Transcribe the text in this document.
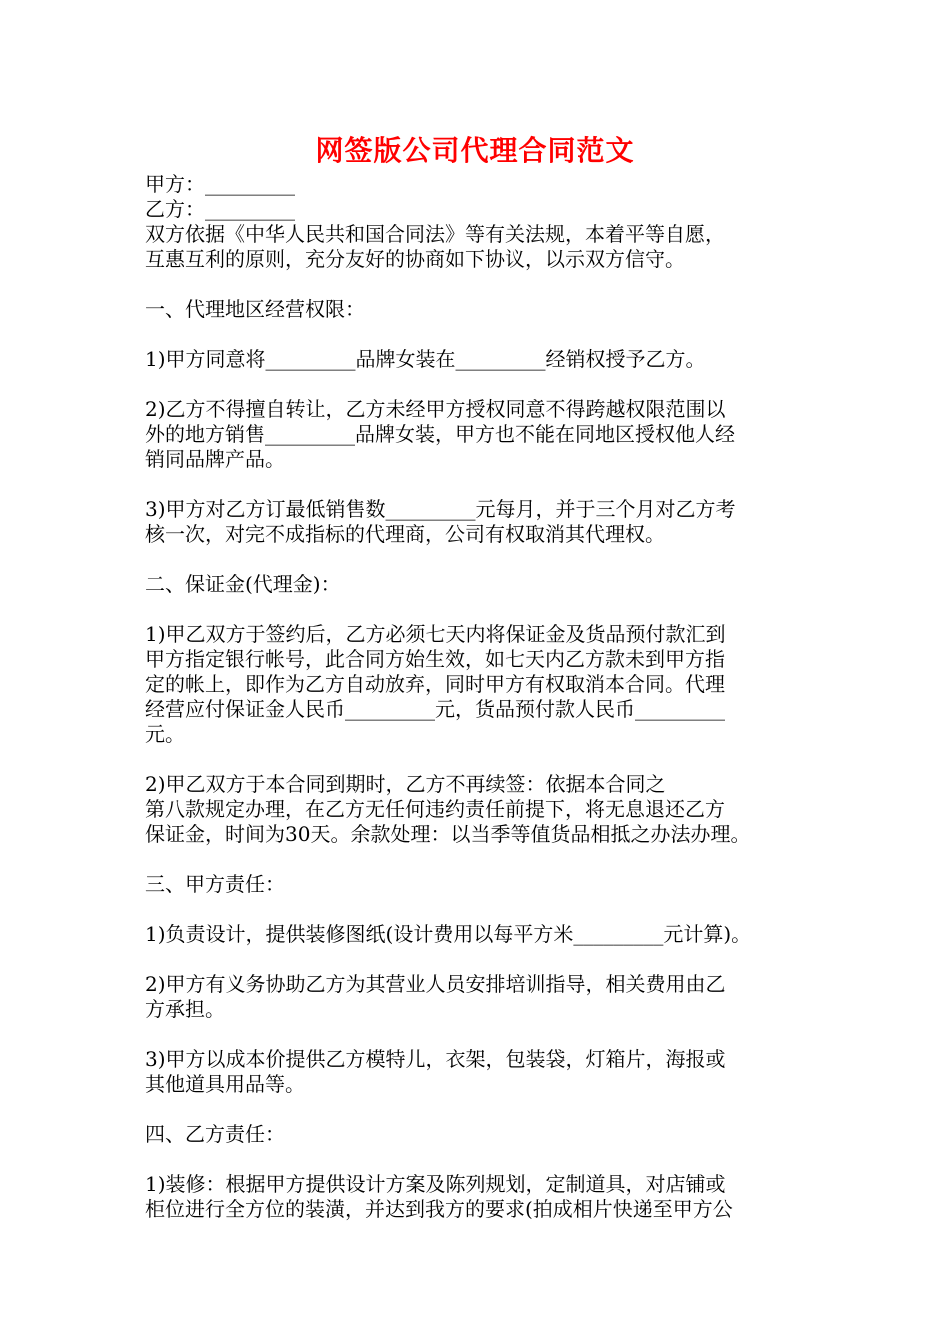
网签版公司代理合同范文
甲方：_________
乙方：_________
双方依据《中华人民共和国合同法》等有关法规，本着平等自愿，
互惠互利的原则，充分友好的协商如下协议，以示双方信守。
一、代理地区经营权限：
1)甲方同意将_________品牌女装在_________经销权授予乙方。
2)乙方不得擅自转让，乙方未经甲方授权同意不得跨越权限范围以
外的地方销售_________品牌女装，甲方也不能在同地区授权他人经
销同品牌产品。
3)甲方对乙方订最低销售数_________元每月，并于三个月对乙方考
核一次，对完不成指标的代理商，公司有权取消其代理权。
二、保证金(代理金)：
1)甲乙双方于签约后，乙方必须七天内将保证金及货品预付款汇到
甲方指定银行帐号，此合同方始生效，如七天内乙方款未到甲方指
定的帐上，即作为乙方自动放弃，同时甲方有权取消本合同。代理
经营应付保证金人民币_________元，货品预付款人民币_________
元。
2)甲乙双方于本合同到期时，乙方不再续签：依据本合同之
第八款规定办理，在乙方无任何违约责任前提下，将无息退还乙方
保证金，时间为30天。余款处理：以当季等值货品相抵之办法办理。
三、甲方责任：
1)负责设计，提供装修图纸(设计费用以每平方米_________元计算)。
2)甲方有义务协助乙方为其营业人员安排培训指导，相关费用由乙
方承担。
3)甲方以成本价提供乙方模特儿，衣架，包装袋，灯箱片，海报或
其他道具用品等。
四、乙方责任：
1)装修：根据甲方提供设计方案及陈列规划，定制道具，对店铺或
柜位进行全方位的装潢，并达到我方的要求(拍成相片快递至甲方公
